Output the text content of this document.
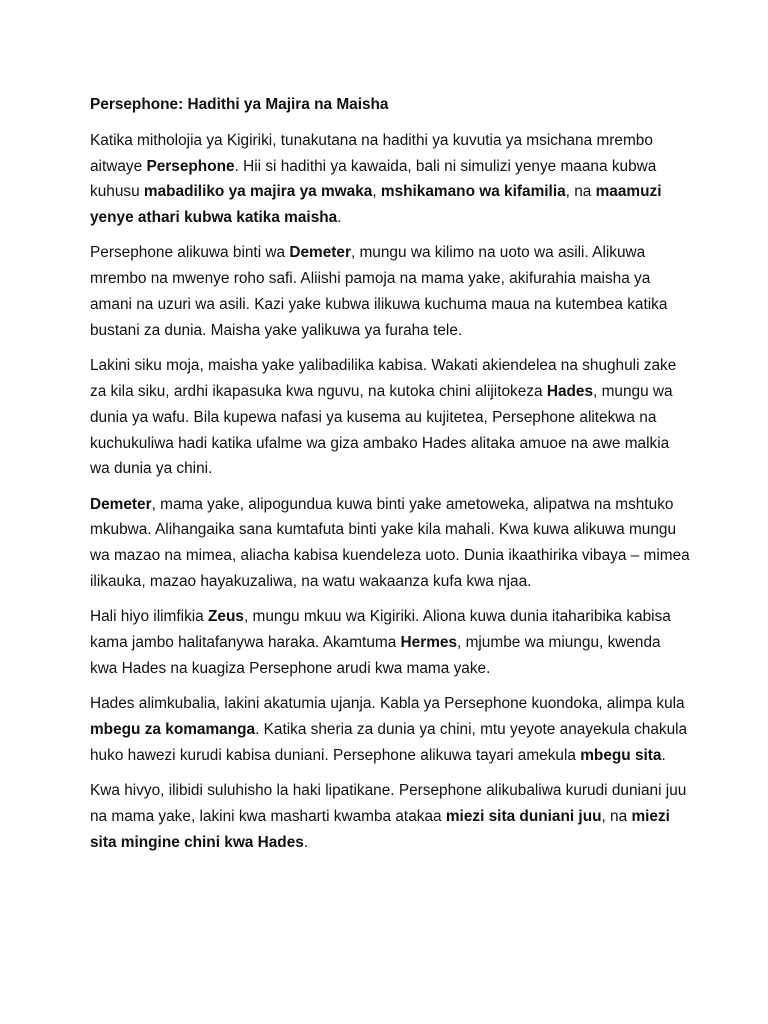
Persephone: Hadithi ya Majira na Maisha

Katika mitholojia ya Kigiriki, tunakutana na hadithi ya kuvutia ya msichana mrembo aitwaye Persephone. Hii si hadithi ya kawaida, bali ni simulizi yenye maana kubwa kuhusu mabadiliko ya majira ya mwaka, mshikamano wa kifamilia, na maamuzi yenye athari kubwa katika maisha.

Persephone alikuwa binti wa Demeter, mungu wa kilimo na uoto wa asili. Alikuwa mrembo na mwenye roho safi. Aliishi pamoja na mama yake, akifurahia maisha ya amani na uzuri wa asili. Kazi yake kubwa ilikuwa kuchuma maua na kutembea katika bustani za dunia. Maisha yake yalikuwa ya furaha tele.

Lakini siku moja, maisha yake yalibadilika kabisa. Wakati akiendelea na shughuli zake za kila siku, ardhi ikapasuka kwa nguvu, na kutoka chini alijitokeza Hades, mungu wa dunia ya wafu. Bila kupewa nafasi ya kusema au kujitetea, Persephone alitekwa na kuchukuliwa hadi katika ufalme wa giza ambako Hades alitaka amuoe na awe malkia wa dunia ya chini.

Demeter, mama yake, alipogundua kuwa binti yake ametoweka, alipatwa na mshtuko mkubwa. Alihangaika sana kumtafuta binti yake kila mahali. Kwa kuwa alikuwa mungu wa mazao na mimea, aliacha kabisa kuendeleza uoto. Dunia ikaathirika vibaya – mimea ilikauka, mazao hayakuzaliwa, na watu wakaanza kufa kwa njaa.

Hali hiyo ilimfikia Zeus, mungu mkuu wa Kigiriki. Aliona kuwa dunia itaharibika kabisa kama jambo halitafanywa haraka. Akamtuma Hermes, mjumbe wa miungu, kwenda kwa Hades na kuagiza Persephone arudi kwa mama yake.

Hades alimkubalia, lakini akatumia ujanja. Kabla ya Persephone kuondoka, alimpa kula mbegu za komamanga. Katika sheria za dunia ya chini, mtu yeyote anayekula chakula huko hawezi kurudi kabisa duniani. Persephone alikuwa tayari amekula mbegu sita.

Kwa hivyo, ilibidi suluhisho la haki lipatikane. Persephone alikubaliwa kurudi duniani juu na mama yake, lakini kwa masharti kwamba atakaa miezi sita duniani juu, na miezi sita mingine chini kwa Hades.
